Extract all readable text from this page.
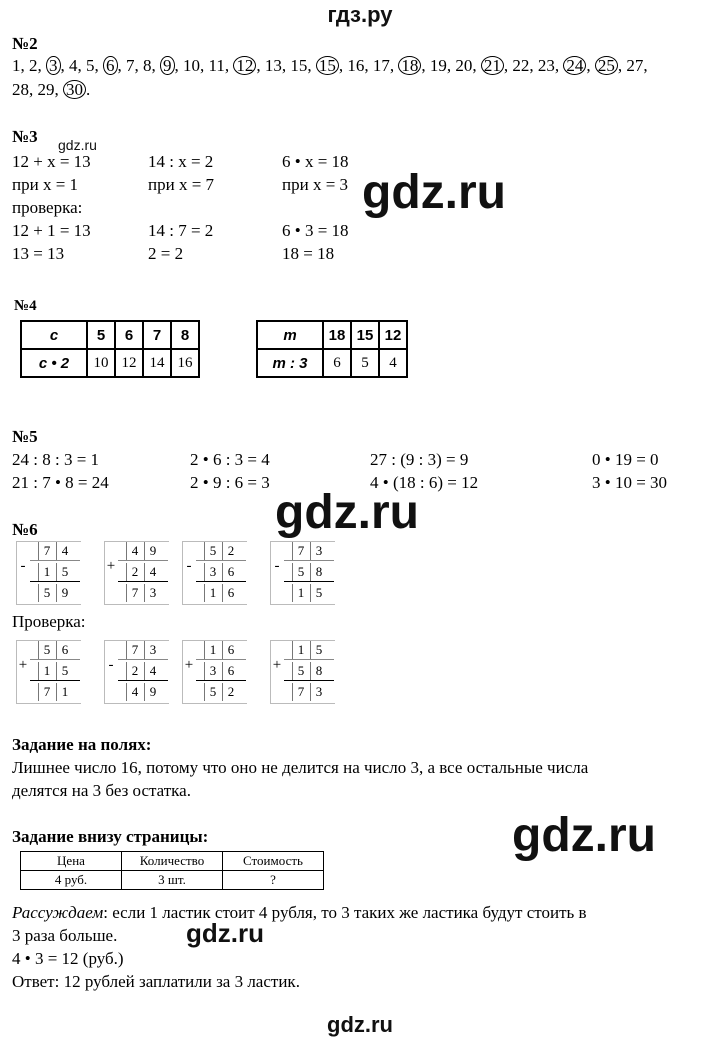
гдз.ру
№2
1, 2, 3 , 4, 5, 6 , 7, 8, 9 , 10, 11, 12 , 13, 15, 15 , 16, 17, 18 , 19, 20, 21 , 22, 23, 24 , 25 , 27,
28, 29, 30 .
№3 gdz.ru
12 + x = 13
при x = 1
проверка:
12 + 1 = 13
13 = 13
14 : x = 2
при x = 7

14 : 7 = 2
2 = 2
6 • x = 18
при x = 3

6 • 3 = 18
18 = 18
gdz.ru
№4
c	5	6	7	8
c • 2	10	12	14	16
m	18	15	12
m : 3	6	5	4
№5
24 : 8 : 3 = 1	2 • 6 : 3 = 4	27 : (9 : 3) = 9	0 • 19 = 0
21 : 7 • 8 = 24	2 • 9 : 6 = 3	4 • (18 : 6) = 12	3 • 10 = 30
gdz.ru
№6
-
7 4
1 5
5 9
+
4 9
2 4
7 3
-
5 2
3 6
1 6
-
7 3
5 8
1 5
Проверка:
+
5 6
1 5
7 1
-
7 3
2 4
4 9
+
1 6
3 6
5 2
+
1 5
5 8
7 3
Задание на полях:
Лишнее число 16, потому что оно не делится на число 3, а все остальные числа
делятся на 3 без остатка.
Задание внизу страницы:	gdz.ru
Цена	Количество	Стоимость
4 руб.	3 шт.	?
Рассуждаем: если 1 ластик стоит 4 рубля, то 3 таких же ластика будут стоить в
3 раза больше.	gdz.ru
4 • 3 = 12 (руб.)
Ответ: 12 рублей заплатили за 3 ластик.
gdz.ru
